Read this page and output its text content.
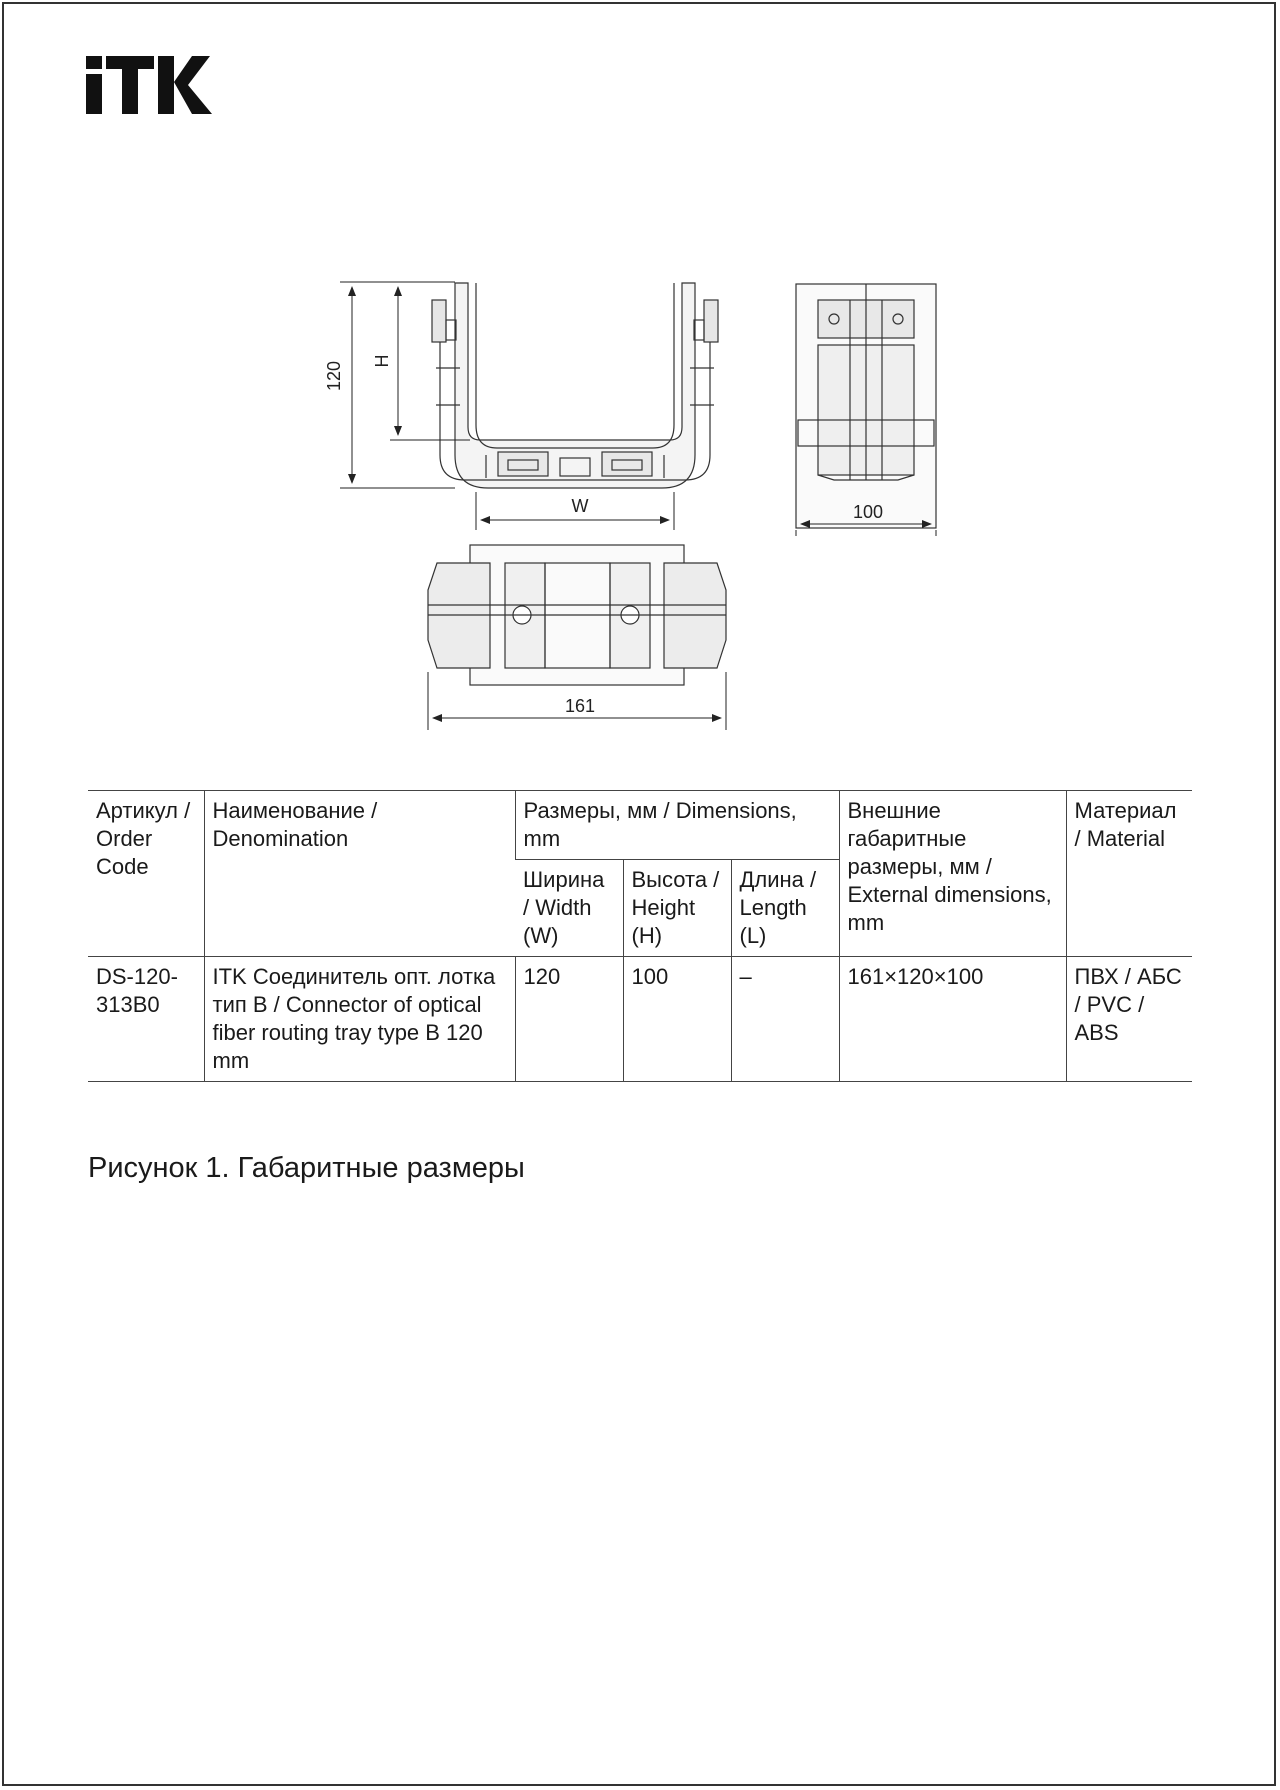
120 H
W	100
161
Артикул / Order Code	Наименование / Denomination	Размеры, мм / Dimensions, mm			Внешние габаритные размеры, мм / External dimensions, mm	Материал / Material
		Ширина / Width (W)	Высота / Height (H)	Длина / Length (L)		
DS-120-313B0	ITK Соединитель опт. лотка тип В / Connector of optical fiber routing tray type B 120 mm	120	100	–	161×120×100	ПВХ / АБС / PVC / ABS
Рисунок 1. Габаритные размеры
